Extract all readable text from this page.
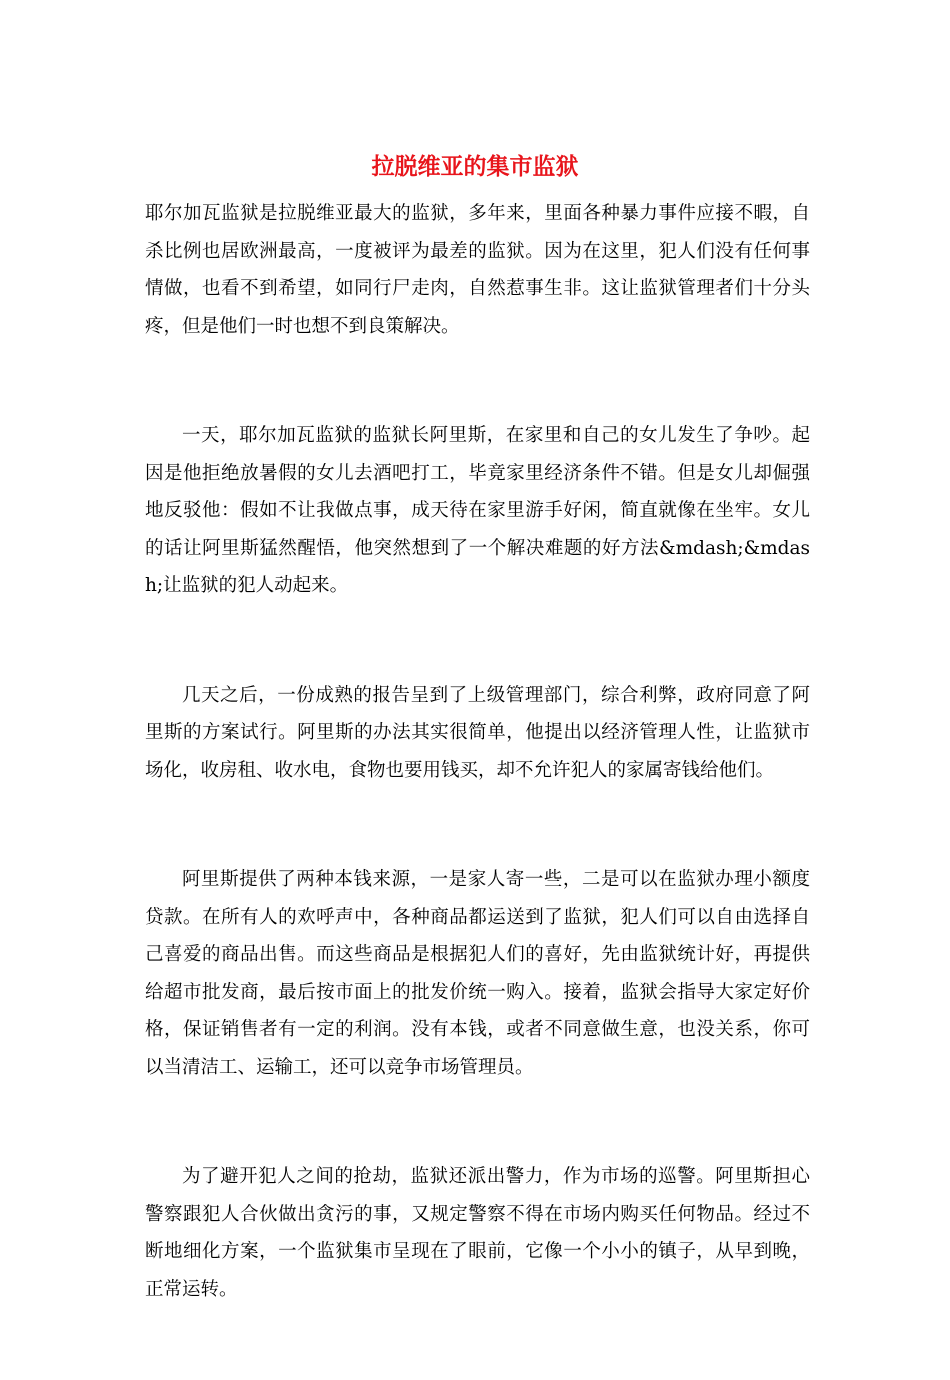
拉脱维亚的集市监狱

耶尔加瓦监狱是拉脱维亚最大的监狱，多年来，里面各种暴力事件应接不暇，自杀比例也居欧洲最高，一度被评为最差的监狱。因为在这里，犯人们没有任何事情做，也看不到希望，如同行尸走肉，自然惹事生非。这让监狱管理者们十分头疼，但是他们一时也想不到良策解决。

一天，耶尔加瓦监狱的监狱长阿里斯，在家里和自己的女儿发生了争吵。起因是他拒绝放暑假的女儿去酒吧打工，毕竟家里经济条件不错。但是女儿却倔强地反驳他：假如不让我做点事，成天待在家里游手好闲，简直就像在坐牢。女儿的话让阿里斯猛然醒悟，他突然想到了一个解决难题的好方法&mdash;&mdash;让监狱的犯人动起来。

几天之后，一份成熟的报告呈到了上级管理部门，综合利弊，政府同意了阿里斯的方案试行。阿里斯的办法其实很简单，他提出以经济管理人性，让监狱市场化，收房租、收水电，食物也要用钱买，却不允许犯人的家属寄钱给他们。

阿里斯提供了两种本钱来源，一是家人寄一些，二是可以在监狱办理小额度贷款。在所有人的欢呼声中，各种商品都运送到了监狱，犯人们可以自由选择自己喜爱的商品出售。而这些商品是根据犯人们的喜好，先由监狱统计好，再提供给超市批发商，最后按市面上的批发价统一购入。接着，监狱会指导大家定好价格，保证销售者有一定的利润。没有本钱，或者不同意做生意，也没关系，你可以当清洁工、运输工，还可以竞争市场管理员。

为了避开犯人之间的抢劫，监狱还派出警力，作为市场的巡警。阿里斯担心警察跟犯人合伙做出贪污的事，又规定警察不得在市场内购买任何物品。经过不断地细化方案，一个监狱集市呈现在了眼前，它像一个小小的镇子，从早到晚，正常运转。
